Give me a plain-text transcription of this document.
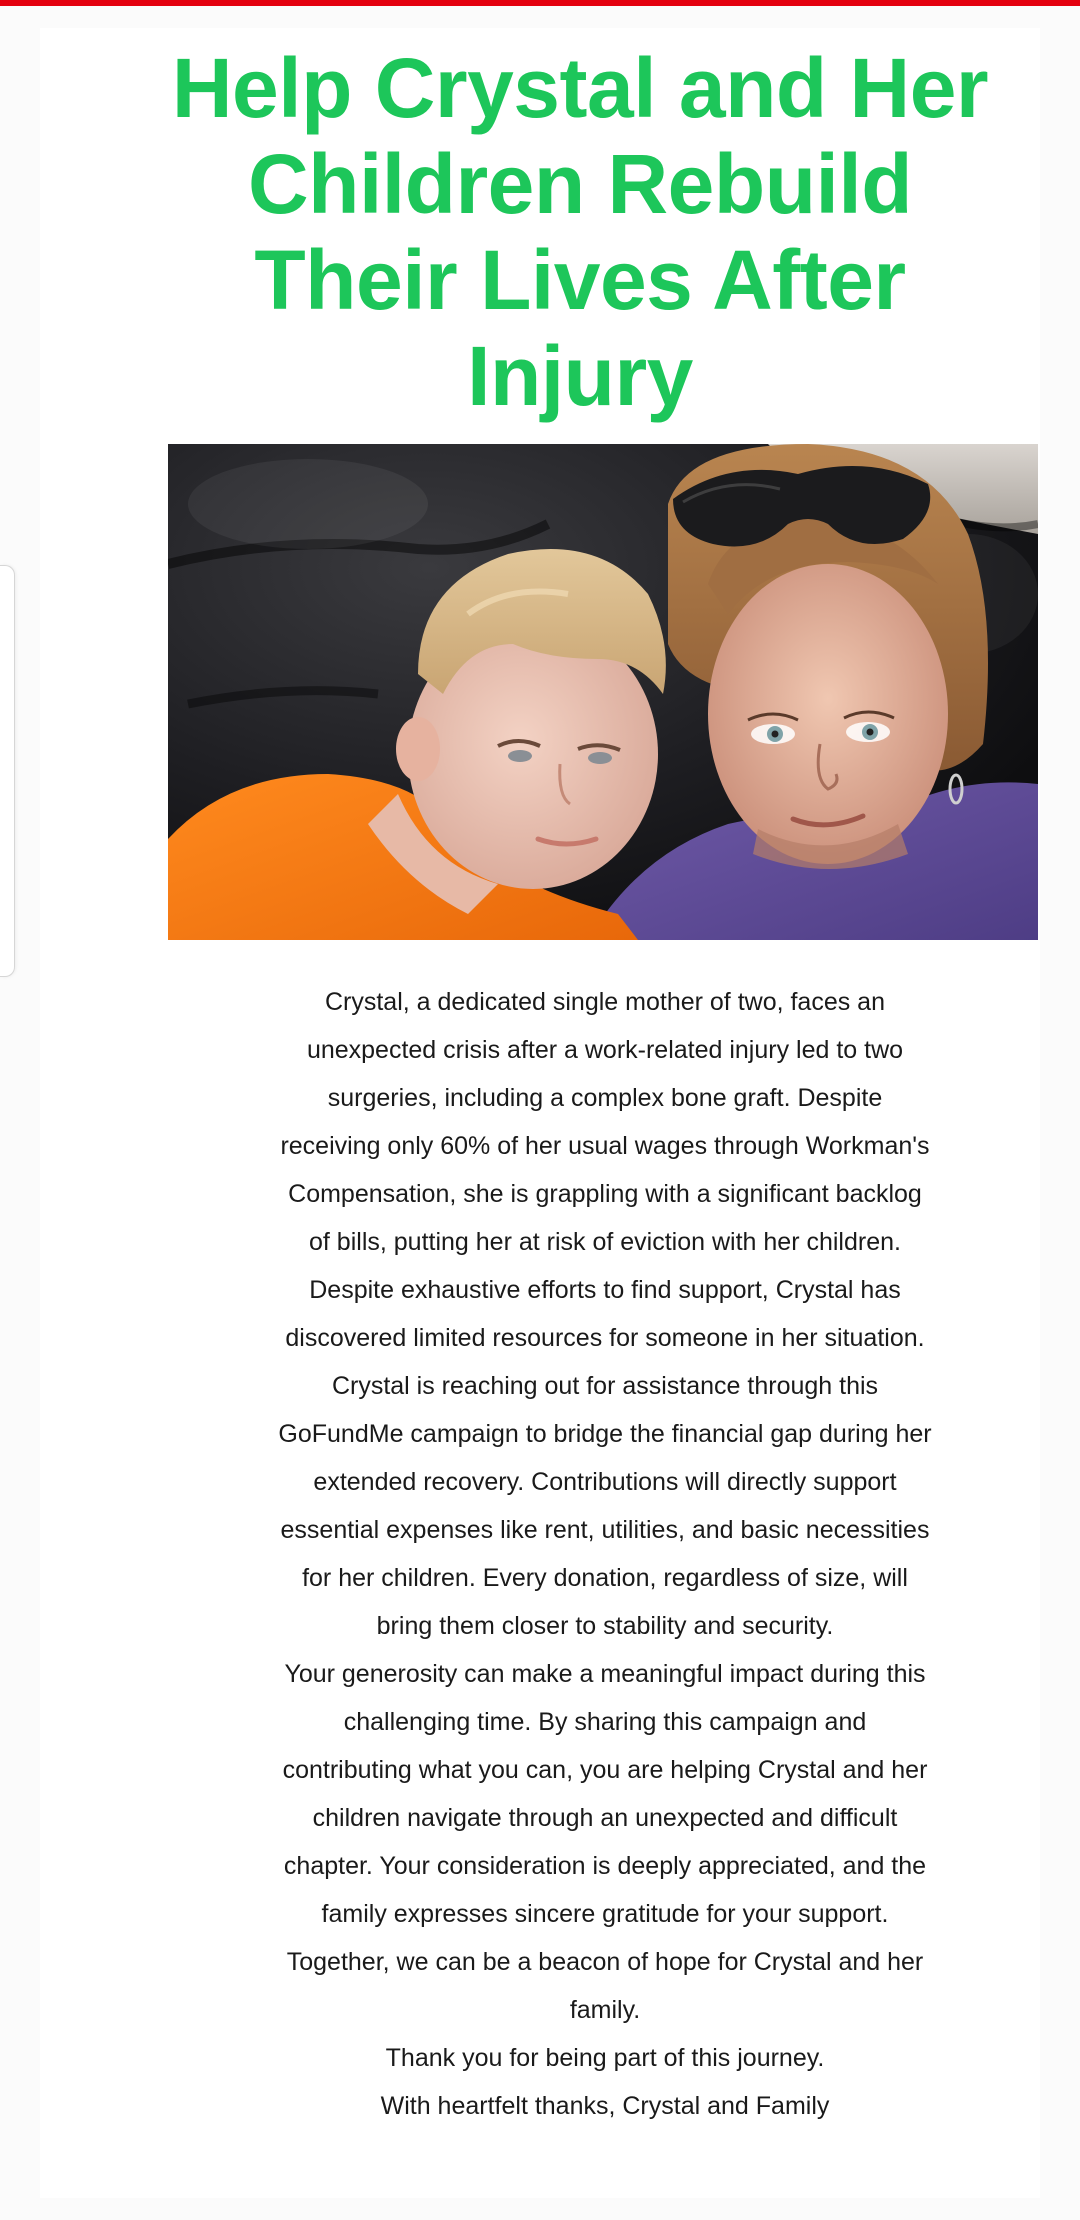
Help Crystal and Her
Children Rebuild
Their Lives After
Injury

Crystal, a dedicated single mother of two, faces an

unexpected crisis after a work-related injury led to two

surgeries, including a complex bone graft. Despite

receiving only 60% of her usual wages through Workman's

Compensation, she is grappling with a significant backlog

of bills, putting her at risk of eviction with her children.

Despite exhaustive efforts to find support, Crystal has

discovered limited resources for someone in her situation.

Crystal is reaching out for assistance through this

GoFundMe campaign to bridge the financial gap during her

extended recovery. Contributions will directly support

essential expenses like rent, utilities, and basic necessities

for her children. Every donation, regardless of size, will

bring them closer to stability and security.

Your generosity can make a meaningful impact during this

challenging time. By sharing this campaign and

contributing what you can, you are helping Crystal and her

children navigate through an unexpected and difficult

chapter. Your consideration is deeply appreciated, and the

family expresses sincere gratitude for your support.

Together, we can be a beacon of hope for Crystal and her

family.

Thank you for being part of this journey.

With heartfelt thanks, Crystal and Family
